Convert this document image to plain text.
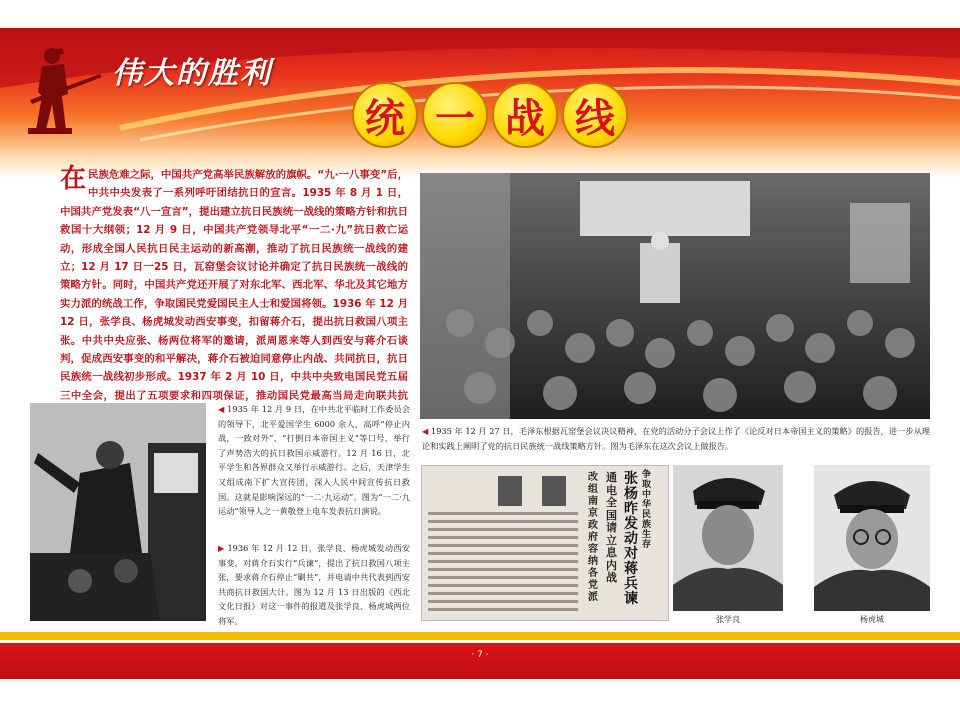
伟大的胜利
统 一 战 线
在民族危难之际，中国共产党高举民族解放的旗帜。“九·一八事变”后，中共中央发表了一系列呼吁团结抗日的宣言。1935 年 8 月 1 日，中国共产党发表“八一宣言”，提出建立抗日民族统一战线的策略方针和抗日救国十大纲领；12 月 9 日，中国共产党领导北平“一二·九”抗日救亡运动，形成全国人民抗日民主运动的新高潮，推动了抗日民族统一战线的建立；12 月 17 日一25 日，瓦窑堡会议讨论并确定了抗日民族统一战线的策略方针。同时，中国共产党还开展了对东北军、西北军、华北及其它地方实力派的统战工作，争取国民党爱国民主人士和爱国将领。1936 年 12 月 12 日，张学良、杨虎城发动西安事变，扣留蒋介石，提出抗日救国八项主张。中共中央应张、杨两位将军的邀请，派周恩来等人到西安与蒋介石谈判，促成西安事变的和平解决，蒋介石被迫同意停止内战、共同抗日，抗日民族统一战线初步形成。1937 年 2 月 10 日，中共中央致电国民党五届三中全会，提出了五项要求和四项保证，推动国民党最高当局走向联共抗
◀ 1935 年 12 月 27 日，毛泽东根据瓦窑堡会议决议精神，在党的活动分子会议上作了《论反对日本帝国主义的策略》的报告，进一步从理论和实践上阐明了党的抗日民族统一战线策略方针。图为毛泽东在这次会议上做报告。
◀ 1935 年 12 月 9 日，在中共北平临时工作委员会的领导下，北平爱国学生 6000 余人，高呼“停止内战，一致对外”、“打倒日本帝国主义”等口号，举行了声势浩大的抗日救国示威游行。12 月 16 日，北平学生和各界群众又举行示威游行。之后，天津学生又组成南下扩大宣传团，深入人民中间宣传抗日救国。这就是影响深远的“一二·九运动”。图为“一二·九运动”领导人之一黄敬登上电车发表抗日演说。
▶ 1936 年 12 月 12 日，张学良、杨虎城发动西安事变，对蒋介石实行“兵谏”，提出了抗日救国八项主张，要求蒋介石停止“剿共”，并电请中共代表到西安共商抗日救国大计。图为 12 月 13 日出版的《西北文化日报》对这一事件的报道及张学良、杨虎城两位将军。
争取中华民族生存
张杨昨发动对蒋兵谏
通电全国请立息内战
改组南京政府容纳各党派
张学良	杨虎城
· 7 ·
